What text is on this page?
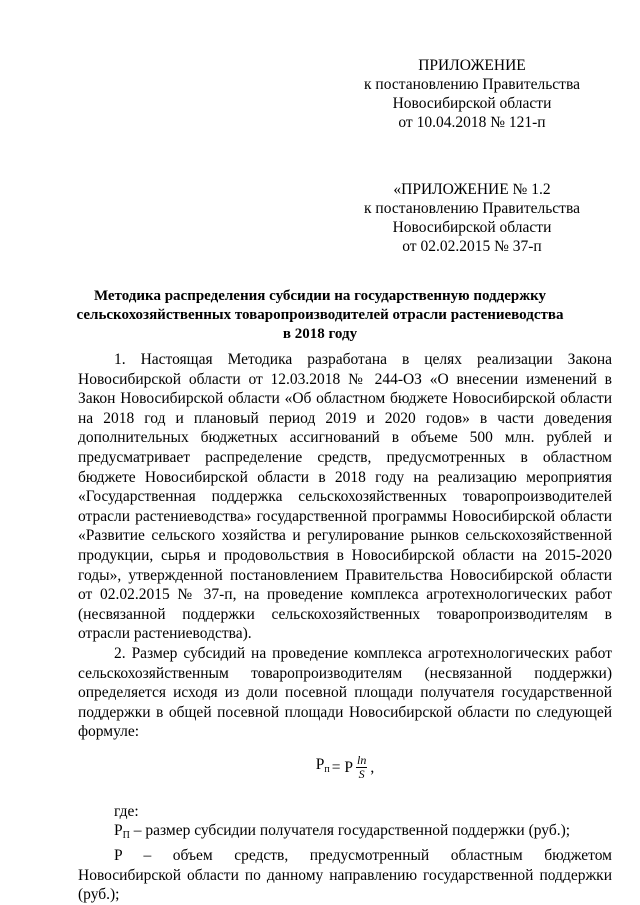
ПРИЛОЖЕНИЕ
к постановлению Правительства
Новосибирской области
от 10.04.2018 № 121-п
«ПРИЛОЖЕНИЕ № 1.2
к постановлению Правительства
Новосибирской области
от 02.02.2015 № 37-п
Методика распределения субсидии на государственную поддержку
сельскохозяйственных товаропроизводителей отрасли растениеводства
в 2018 году

1. Настоящая Методика разработана в целях реализации Закона Новосибирской области от 12.03.2018 № 244-ОЗ «О внесении изменений в Закон Новосибирской области «Об областном бюджете Новосибирской области на 2018 год и плановый период 2019 и 2020 годов» в части доведения дополнительных бюджетных ассигнований в объеме 500 млн. рублей и предусматривает распределение средств, предусмотренных в областном бюджете Новосибирской области в 2018 году на реализацию мероприятия «Государственная поддержка сельскохозяйственных товаропроизводителей отрасли растениеводства» государственной программы Новосибирской области «Развитие сельского хозяйства и регулирование рынков сельскохозяйственной продукции, сырья и продовольствия в Новосибирской области на 2015-2020 годы», утвержденной постановлением Правительства Новосибирской области от 02.02.2015 № 37-п, на проведение комплекса агротехнологических работ (несвязанной поддержки сельскохозяйственных товаропроизводителям в отрасли растениеводства).

2. Размер субсидий на проведение комплекса агротехнологических работ сельскохозяйственным товаропроизводителям (несвязанной поддержки) определяется исходя из доли посевной площади получателя государственной поддержки в общей посевной площади Новосибирской области по следующей формуле:

$P_п = P \frac{\ln}{S}$ ,

где:

$P_П$ – размер субсидии получателя государственной поддержки (руб.);

P – объем средств, предусмотренный областным бюджетом Новосибирской области по данному направлению государственной поддержки (руб.);
